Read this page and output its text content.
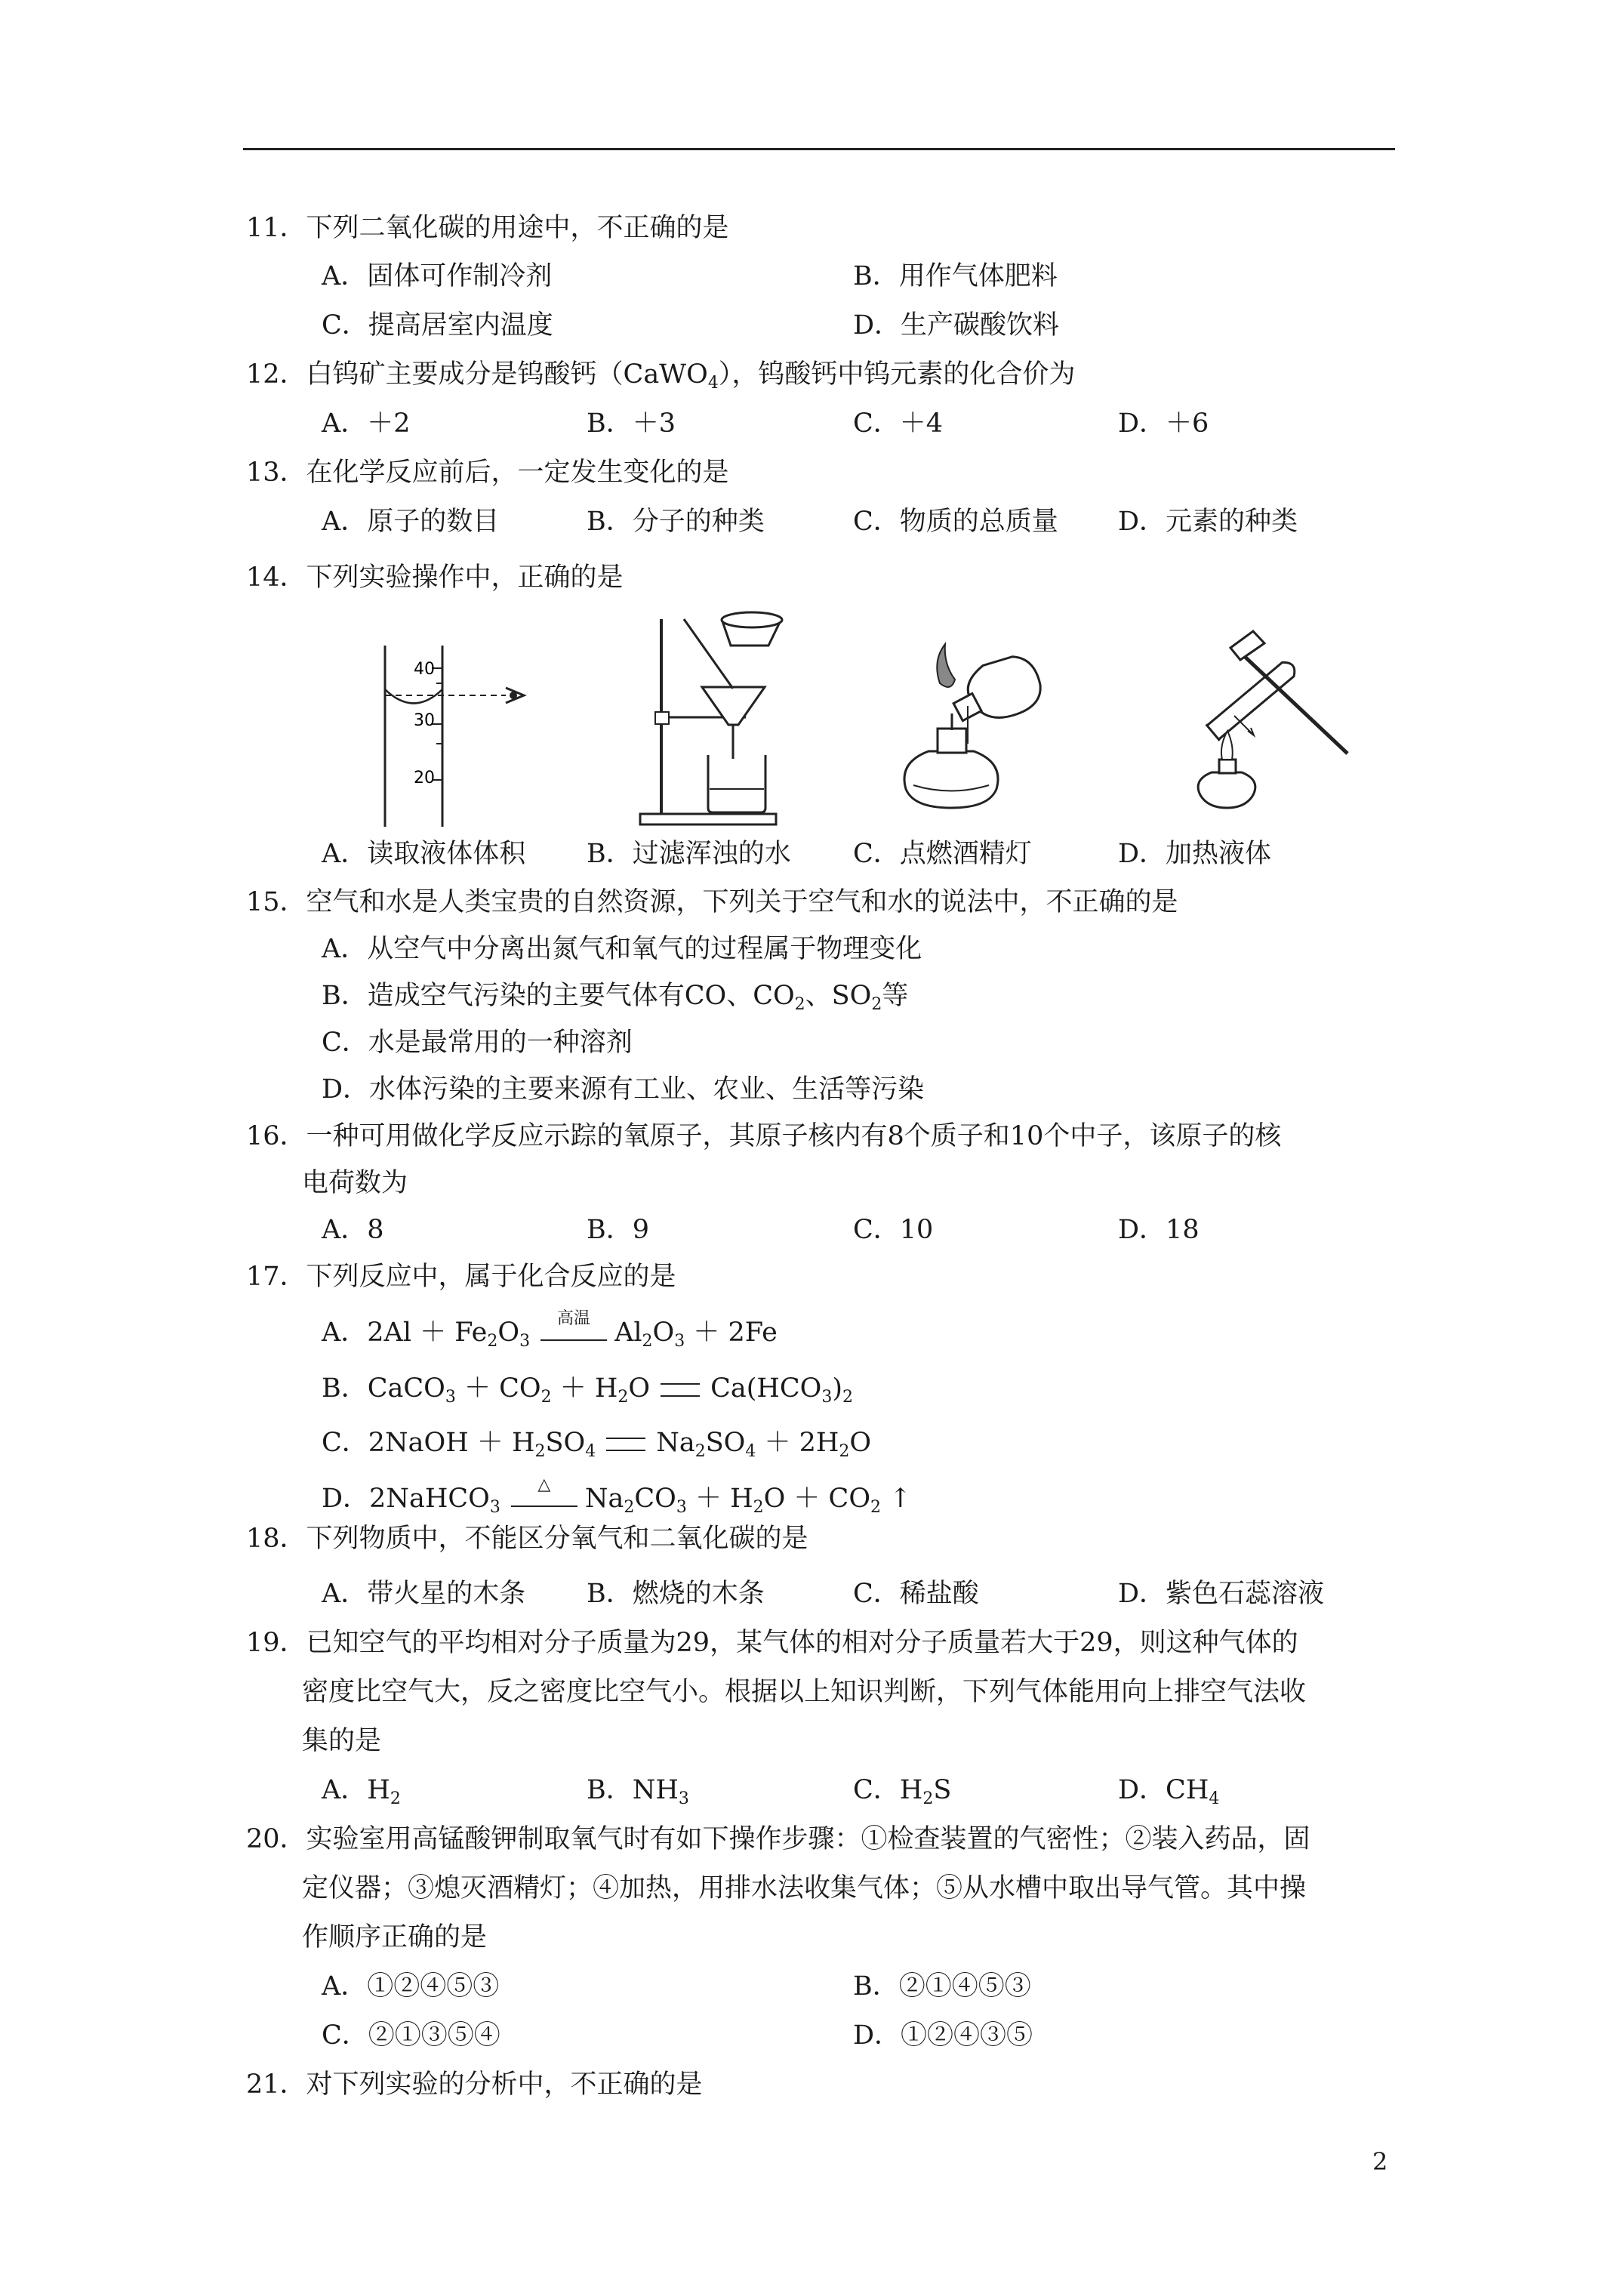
11．下列二氧化碳的用途中，不正确的是
A．固体可作制冷剂	B．用作气体肥料
C．提高居室内温度	D．生产碳酸饮料
12．白钨矿主要成分是钨酸钙（CaWO$_4$），钨酸钙中钨元素的化合价为
A．＋2	B．＋3	C．＋4	D．＋6
13．在化学反应前后，一定发生变化的是
A．原子的数目	B．分子的种类	C．物质的总质量 D．元素的种类
14．下列实验操作中，正确的是
40
30
20
A．读取液体体积 B．过滤浑浊的水 C．点燃酒精灯	D．加热液体
15．空气和水是人类宝贵的自然资源，下列关于空气和水的说法中，不正确的是
A．从空气中分离出氮气和氧气的过程属于物理变化
B．造成空气污染的主要气体有CO、$CO_2$、$SO_2$等
C．水是最常用的一种溶剂
D．水体污染的主要来源有工业、农业、生活等污染
16．一种可用做化学反应示踪的氧原子，其原子核内有8个质子和10个中子，该原子的核
电荷数为
A．8	B．9	C．10	D．18
17．下列反应中，属于化合反应的是
A．$2Al + Fe_2O_3$
高温 $Al_2O_3 + 2Fe$
B．CaCO$_3$ ＋ $CO_2 + H_2O$ $Ca(HCO_3)_2$
C．2NaOH ＋ $H_2SO_4$ $Na_2SO_4 + 2H_2O$
D．2NaHCO$_3$
△	$Na_2CO_3 + H_2O + CO_2$ ↑
18．下列物质中，不能区分氧气和二氧化碳的是
A．带火星的木条 B．燃烧的木条	C．稀盐酸	D．紫色石蕊溶液
19．已知空气的平均相对分子质量为29，某气体的相对分子质量若大于29，则这种气体的
密度比空气大，反之密度比空气小。根据以上知识判断，下列气体能用向上排空气法收
集的是
A．$H_2$	B．$NH_3$	C．$H_2S$	D．$CH_4$
20．实验室用高锰酸钾制取氧气时有如下操作步骤：①检查装置的气密性；②装入药品，固
定仪器；③熄灭酒精灯；④加热，用排水法收集气体；⑤从水槽中取出导气管。其中操
作顺序正确的是
A．①②④⑤③	B．②①④⑤③
C．②①③⑤④	D．①②④③⑤
21．对下列实验的分析中，不正确的是
2
